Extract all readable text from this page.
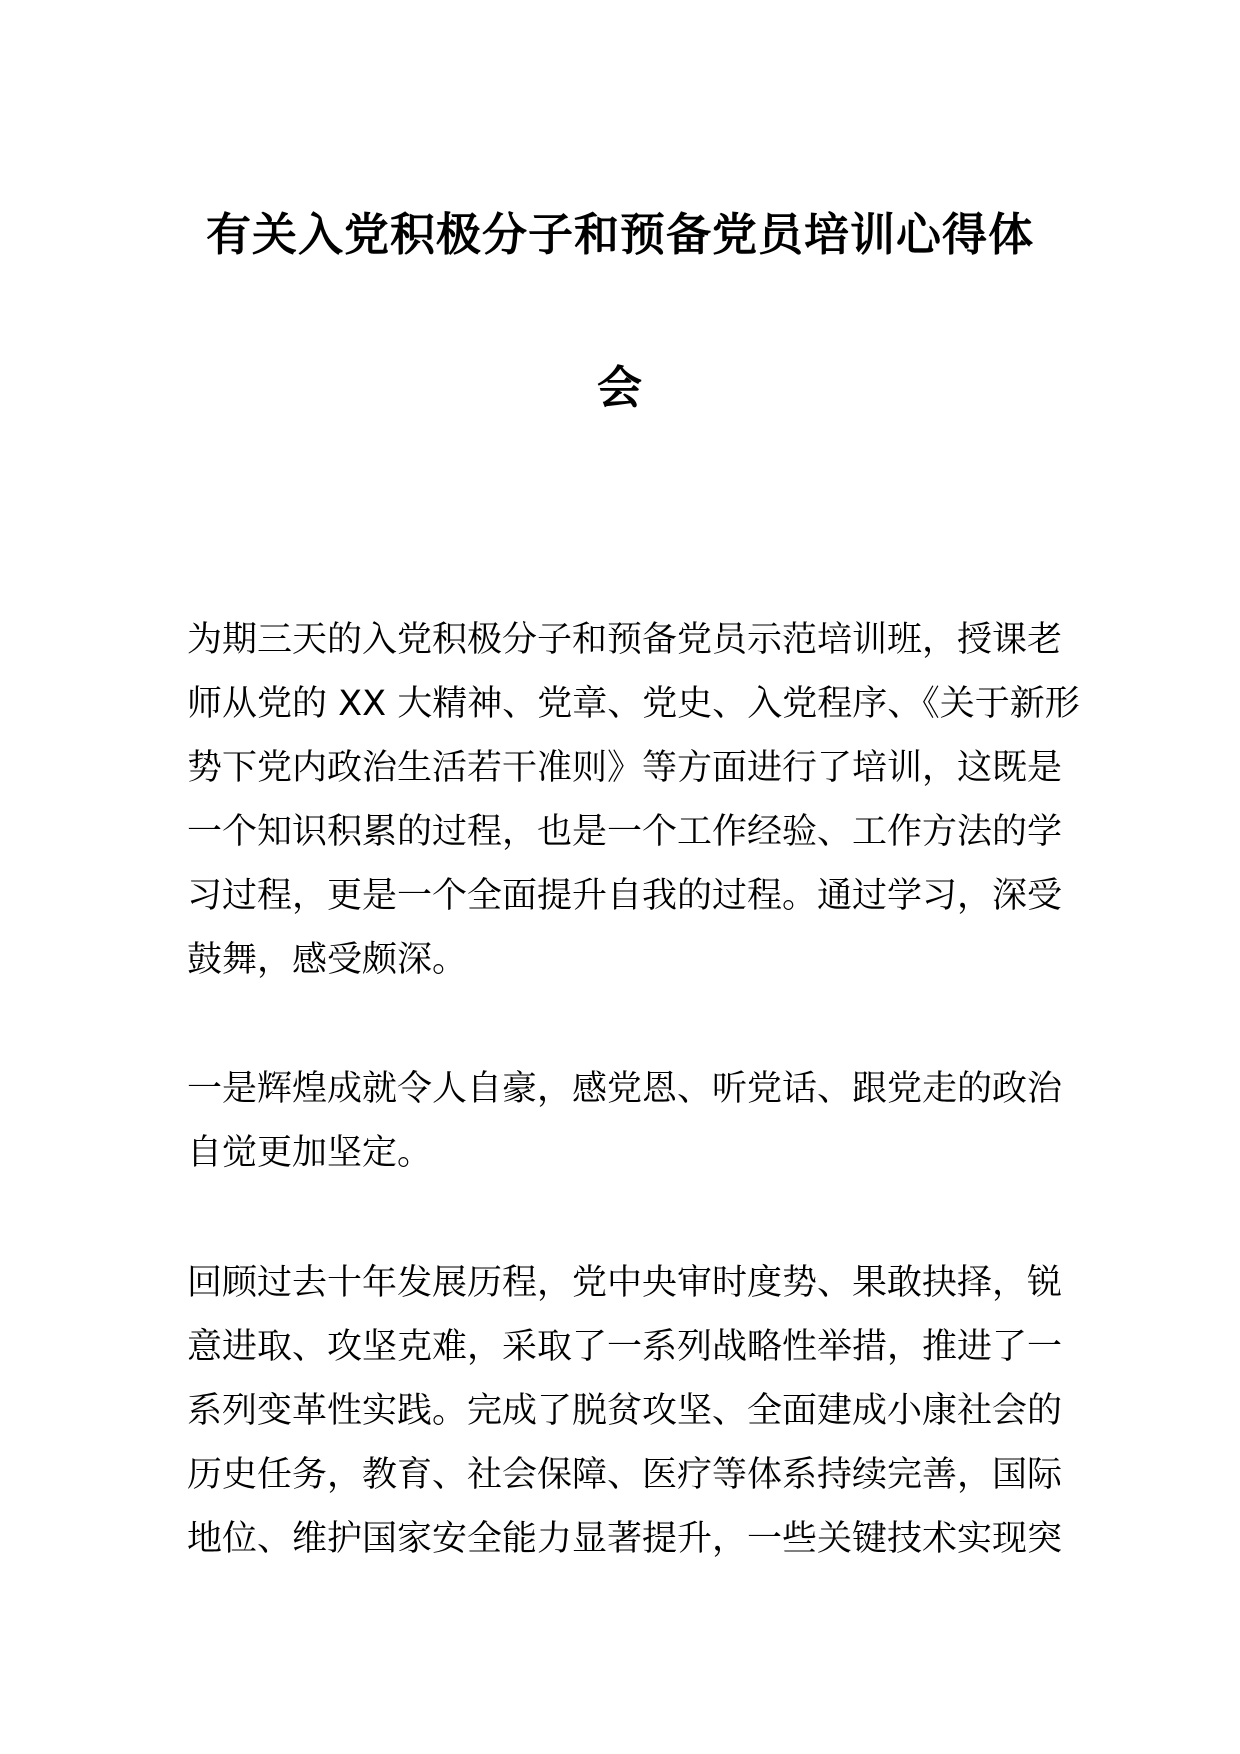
有关入党积极分子和预备党员培训心得体
会

为期三天的入党积极分子和预备党员示范培训班，授课老
师从党的 XX 大精神、党章、党史、入党程序、《关于新形
势下党内政治生活若干准则》等方面进行了培训，这既是
一个知识积累的过程，也是一个工作经验、工作方法的学
习过程，更是一个全面提升自我的过程。通过学习，深受
鼓舞，感受颇深。

一是辉煌成就令人自豪，感党恩、听党话、跟党走的政治
自觉更加坚定。

回顾过去十年发展历程，党中央审时度势、果敢抉择，锐
意进取、攻坚克难，采取了一系列战略性举措，推进了一
系列变革性实践。完成了脱贫攻坚、全面建成小康社会的
历史任务，教育、社会保障、医疗等体系持续完善，国际
地位、维护国家安全能力显著提升，一些关键技术实现突
